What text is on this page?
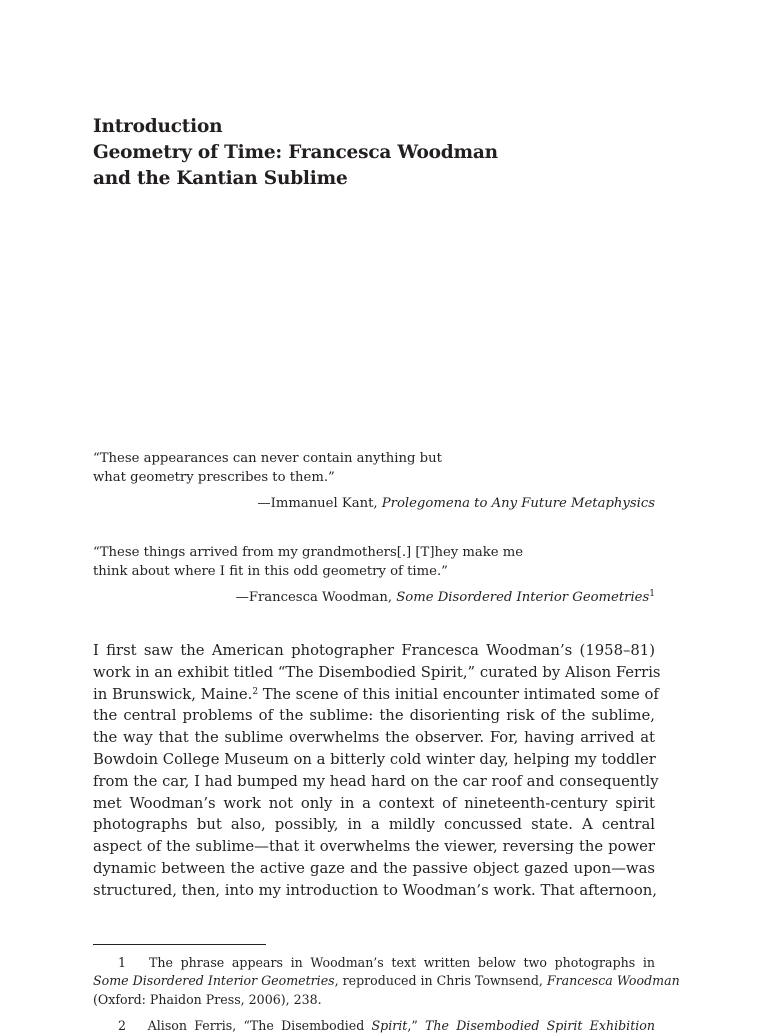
Introduction
Geometry of Time: Francesca Woodman
and the Kantian Sublime
“These appearances can never contain anything but
what geometry prescribes to them.”
—Immanuel Kant, Prolegomena to Any Future Metaphysics
“These things arrived from my grandmothers[.] [T]hey make me
think about where I fit in this odd geometry of time.”
—Francesca Woodman, Some Disordered Interior Geometries$^1$
I first saw the American photographer Francesca Woodman’s (1958–81)
work in an exhibit titled “The Disembodied Spirit,” curated by Alison Ferris
in Brunswick, Maine.$^2$ The scene of this initial encounter intimated some of
the central problems of the sublime: the disorienting risk of the sublime,
the way that the sublime overwhelms the observer. For, having arrived at
Bowdoin College Museum on a bitterly cold winter day, helping my toddler
from the car, I had bumped my head hard on the car roof and consequently
met Woodman’s work not only in a context of nineteenth-century spirit
photographs but also, possibly, in a mildly concussed state. A central
aspect of the sublime—that it overwhelms the viewer, reversing the power
dynamic between the active gaze and the passive object gazed upon—was
structured, then, into my introduction to Woodman’s work. That afternoon,
1 The phrase appears in Woodman’s text written below two photographs in
Some Disordered Interior Geometries, reproduced in Chris Townsend, Francesca Woodman
(Oxford: Phaidon Press, 2006), 238.
2 Alison Ferris, “The Disembodied Spirit,” The Disembodied Spirit Exhibition
